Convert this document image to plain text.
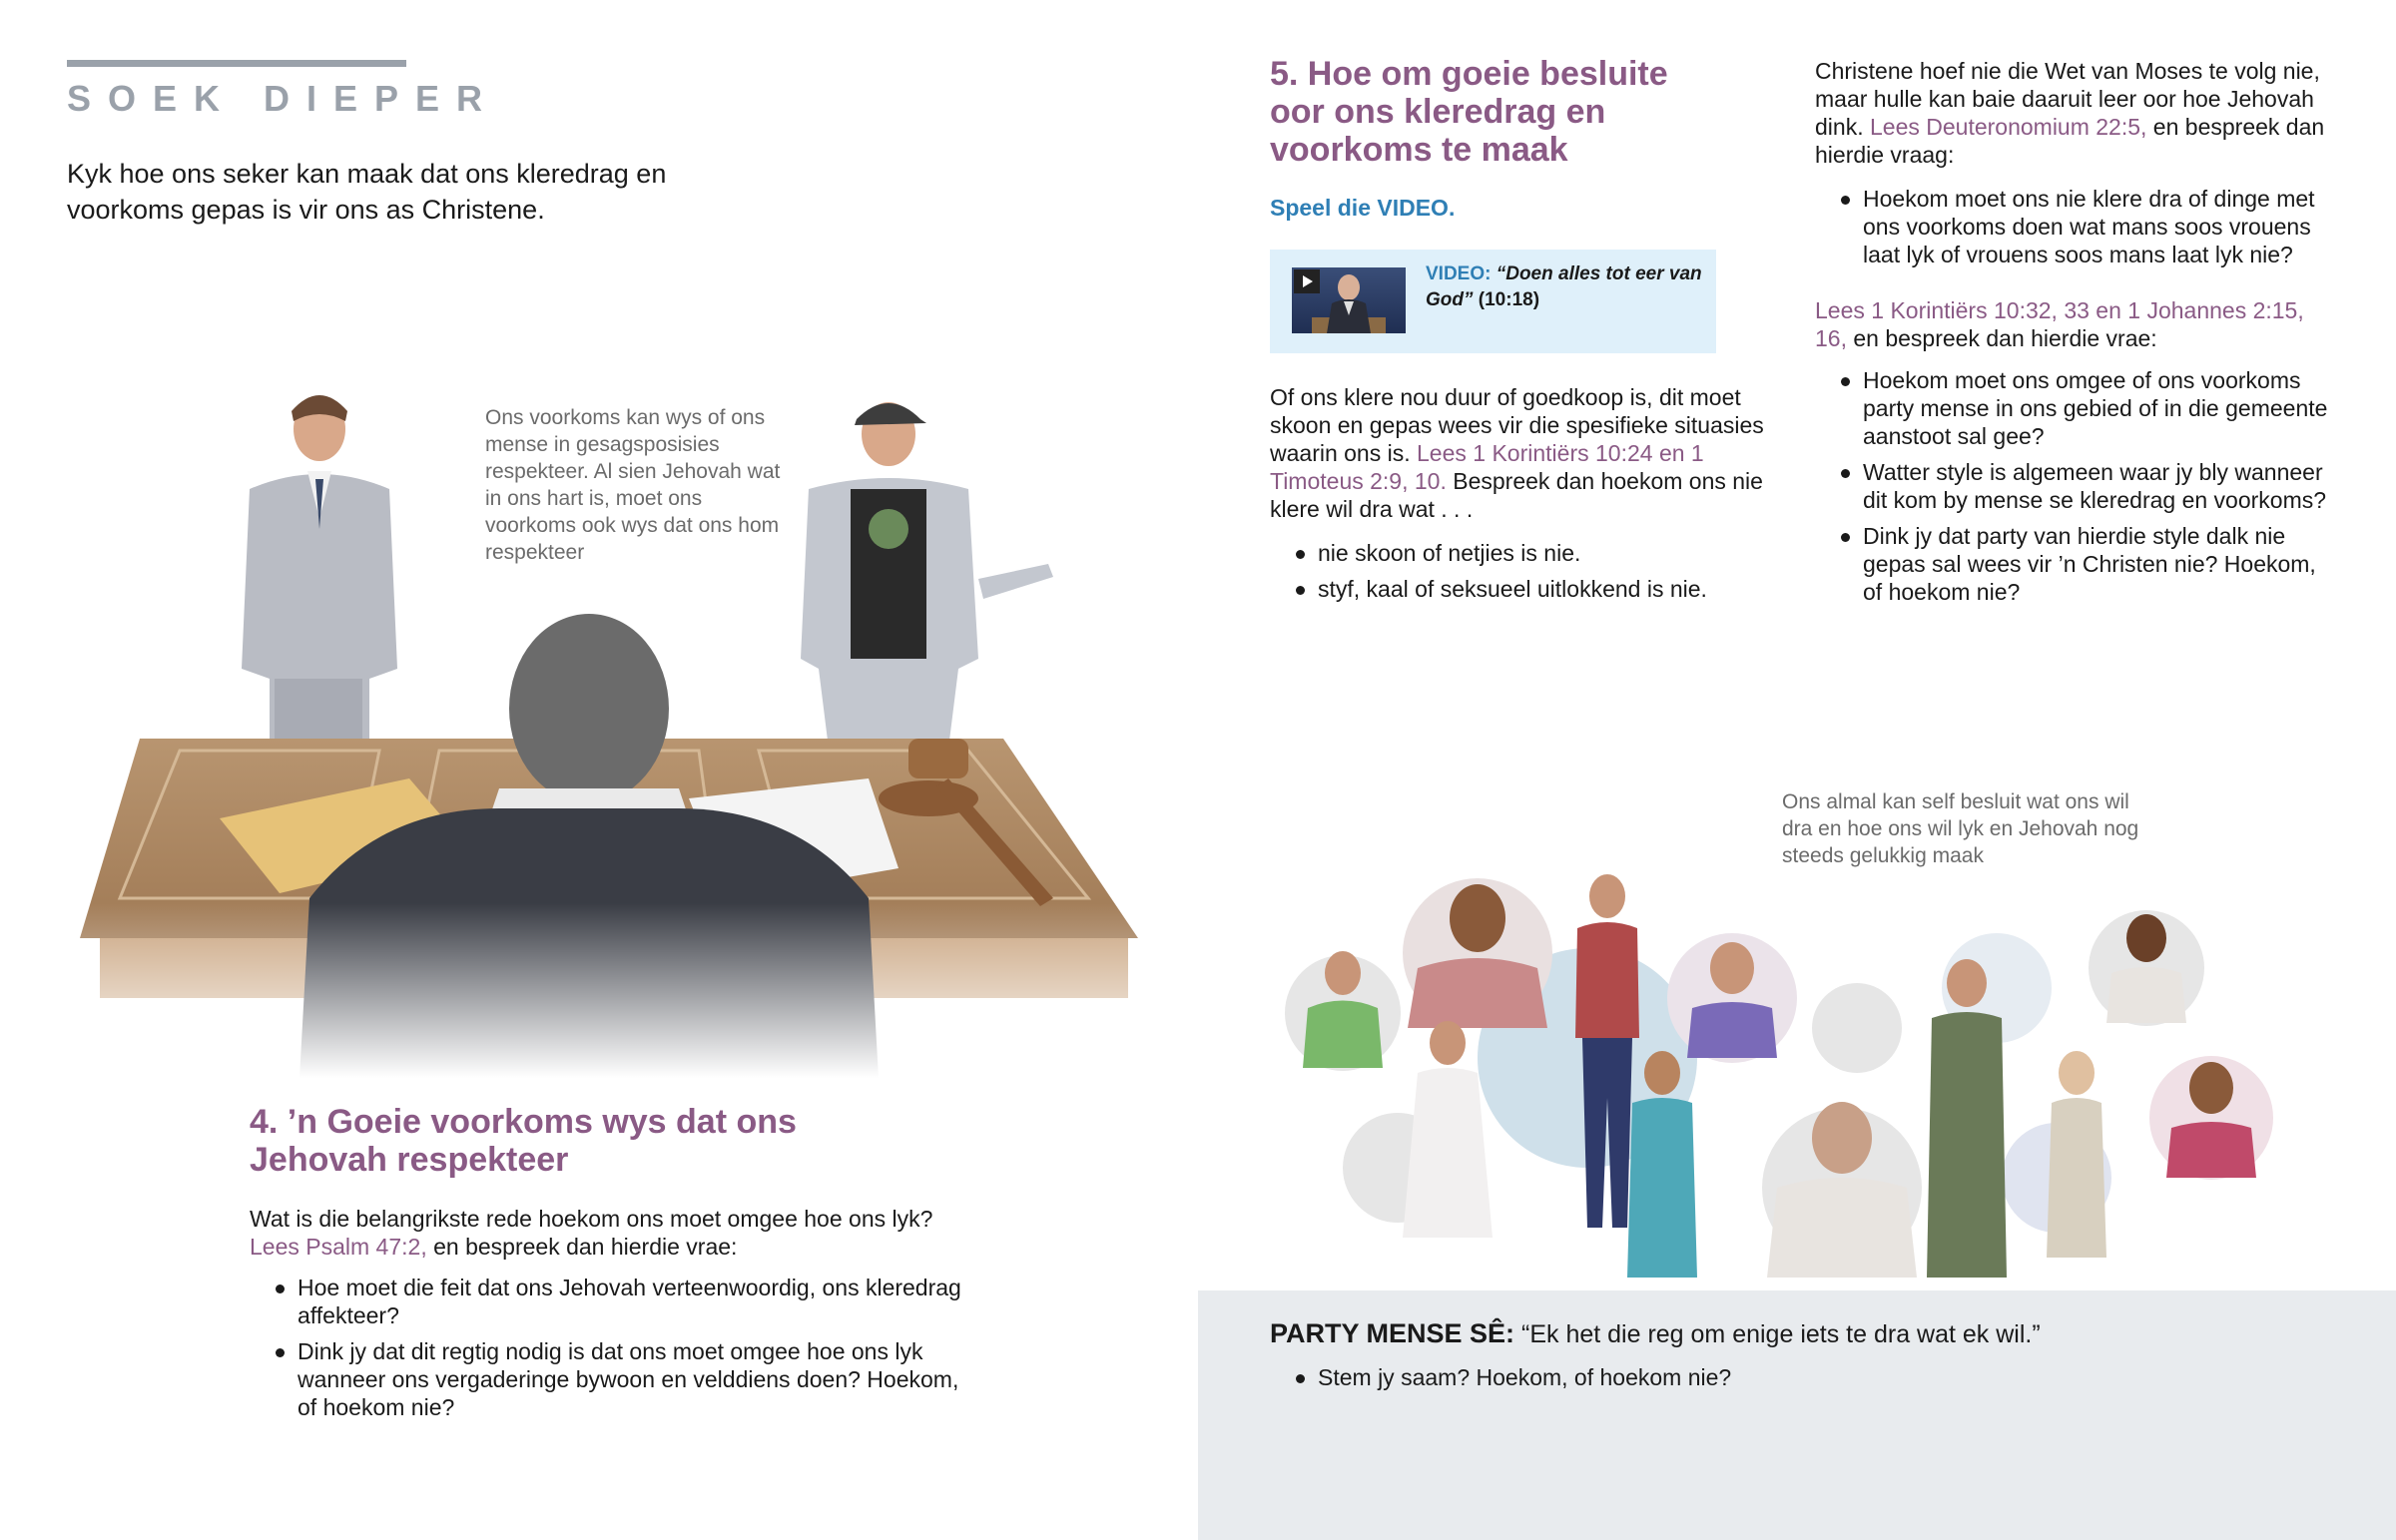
SOEK DIEPER
Kyk hoe ons seker kan maak dat ons kleredrag en voorkoms gepas is vir ons as Christene.
Ons voorkoms kan wys of ons mense in gesagsposisies respekteer. Al sien Jehovah wat in ons hart is, moet ons voorkoms ook wys dat ons hom respekteer
4. ’n Goeie voorkoms wys dat ons Jehovah respekteer
Wat is die belangrikste rede hoekom ons moet omgee hoe ons lyk? Lees Psalm 47:2, en bespreek dan hierdie vrae:
Hoe moet die feit dat ons Jehovah verteenwoordig, ons kleredrag affekteer?
Dink jy dat dit regtig nodig is dat ons moet omgee hoe ons lyk wanneer ons vergaderinge bywoon en velddiens doen? Hoekom, of hoekom nie?
5. Hoe om goeie besluite oor ons kleredrag en voorkoms te maak
Speel die VIDEO.
VIDEO: “Doen alles tot eer van God” (10:18)
Of ons klere nou duur of goedkoop is, dit moet skoon en gepas wees vir die spesifieke situasies waarin ons is. Lees 1 Korintiërs 10:24 en 1 Timoteus 2:9, 10. Bespreek dan hoekom ons nie klere wil dra wat . . .
nie skoon of netjies is nie.
styf, kaal of seksueel uitlokkend is nie.
Christene hoef nie die Wet van Moses te volg nie, maar hulle kan baie daaruit leer oor hoe Jehovah dink. Lees Deuteronomium 22:5, en bespreek dan hierdie vraag:
Hoekom moet ons nie klere dra of dinge met ons voorkoms doen wat mans soos vrouens laat lyk of vrouens soos mans laat lyk nie?
Lees 1 Korintiërs 10:32, 33 en 1 Johannes 2:15, 16, en bespreek dan hierdie vrae:
Hoekom moet ons omgee of ons voorkoms party mense in ons gebied of in die gemeente aanstoot sal gee?
Watter style is algemeen waar jy bly wanneer dit kom by mense se kleredrag en voorkoms?
Dink jy dat party van hierdie style dalk nie gepas sal wees vir ’n Christen nie? Hoekom, of hoekom nie?
Ons almal kan self besluit wat ons wil dra en hoe ons wil lyk en Jehovah nog steeds gelukkig maak
PARTY MENSE SÊ: “Ek het die reg om enige iets te dra wat ek wil.”
Stem jy saam? Hoekom, of hoekom nie?
